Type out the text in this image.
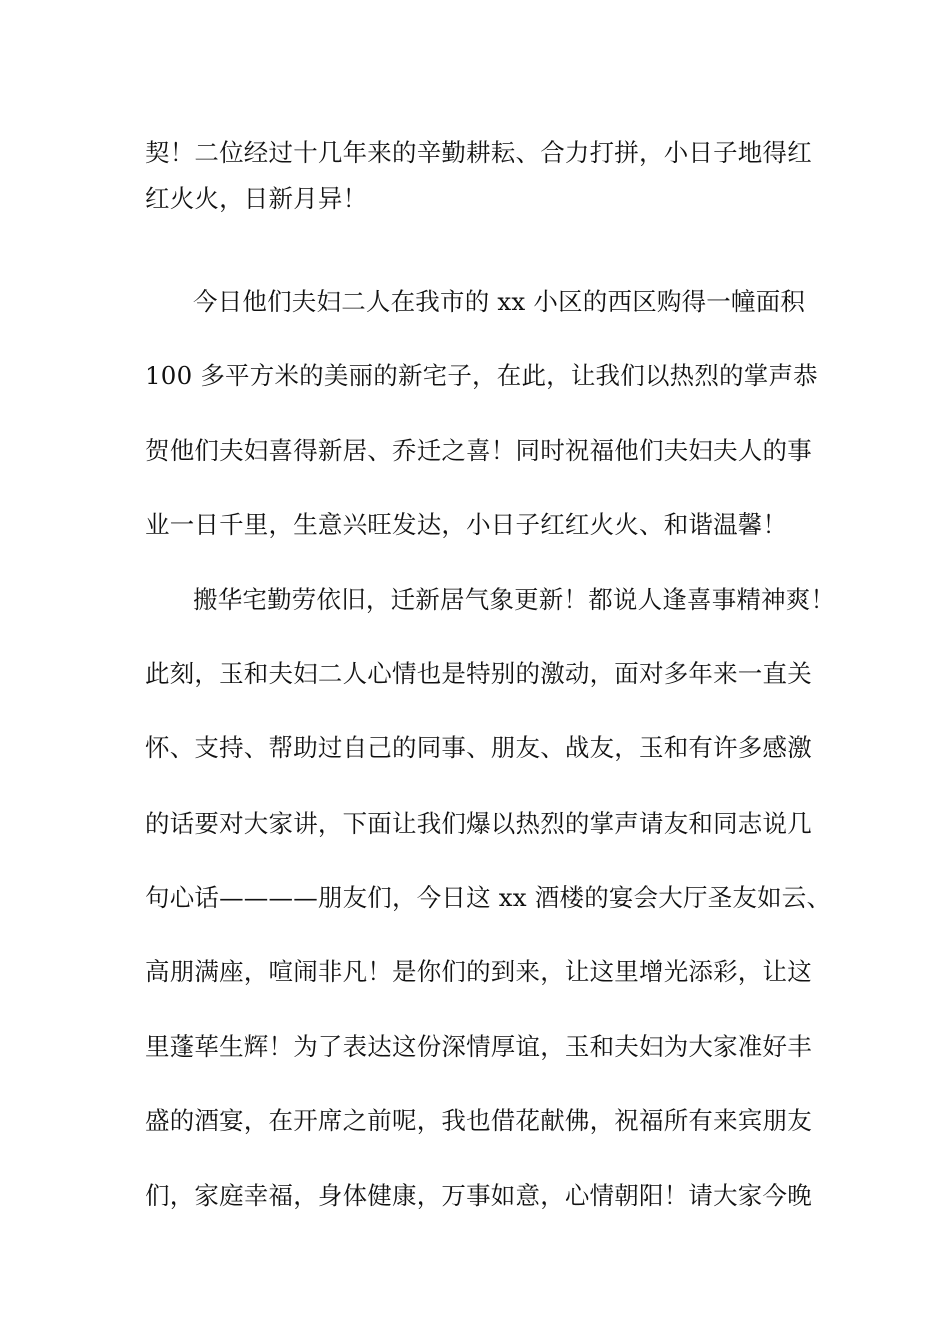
契！二位经过十几年来的辛勤耕耘、合力打拼，小日子地得红
红火火，日新月异！
今日他们夫妇二人在我市的 xx 小区的西区购得一幢面积
100 多平方米的美丽的新宅子，在此，让我们以热烈的掌声恭
贺他们夫妇喜得新居、乔迁之喜！同时祝福他们夫妇夫人的事
业一日千里，生意兴旺发达，小日子红红火火、和谐温馨！
搬华宅勤劳依旧，迁新居气象更新！都说人逢喜事精神爽！
此刻，玉和夫妇二人心情也是特别的激动，面对多年来一直关
怀、支持、帮助过自己的同事、朋友、战友，玉和有许多感激
的话要对大家讲，下面让我们爆以热烈的掌声请友和同志说几
句心话————朋友们，今日这 xx 酒楼的宴会大厅圣友如云、
高朋满座，喧闹非凡！是你们的到来，让这里增光添彩，让这
里蓬荜生辉！为了表达这份深情厚谊，玉和夫妇为大家准好丰
盛的酒宴，在开席之前呢，我也借花献佛，祝福所有来宾朋友
们，家庭幸福，身体健康，万事如意，心情朝阳！请大家今晚
